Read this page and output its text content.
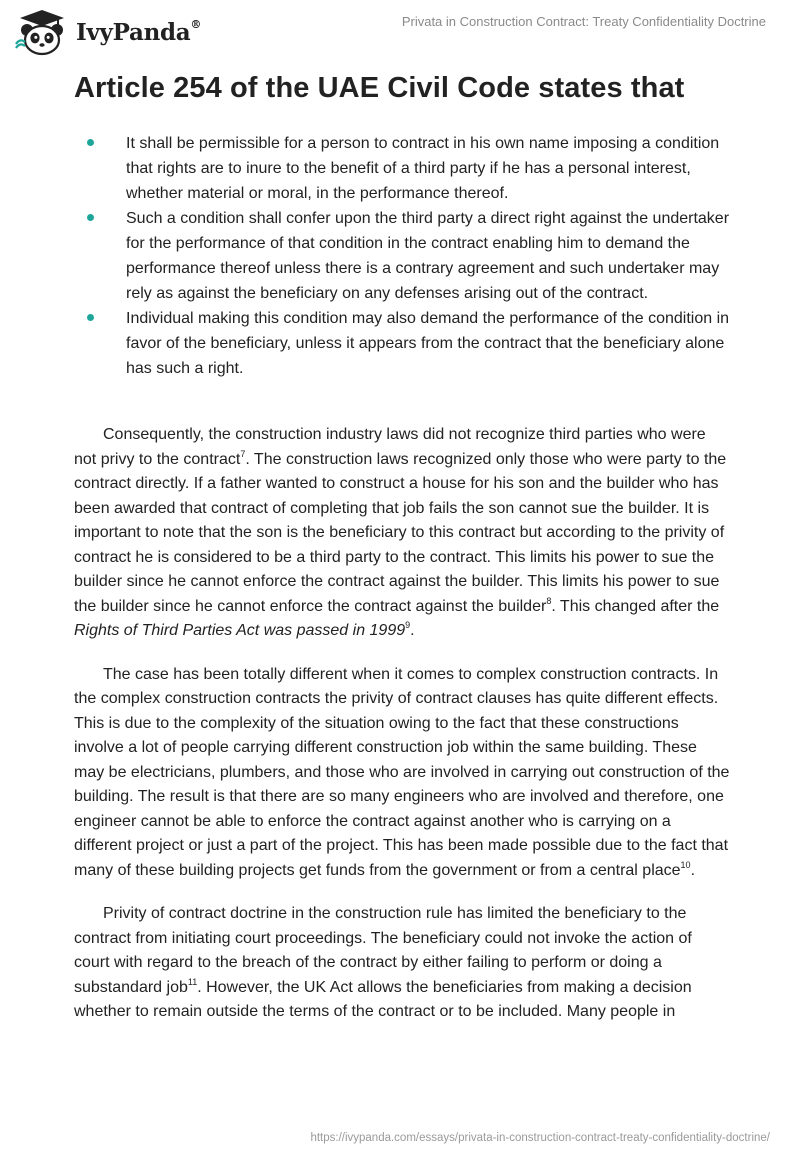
IvyPanda®	Privata in Construction Contract: Treaty Confidentiality Doctrine
Article 254 of the UAE Civil Code states that
It shall be permissible for a person to contract in his own name imposing a condition that rights are to inure to the benefit of a third party if he has a personal interest, whether material or moral, in the performance thereof.
Such a condition shall confer upon the third party a direct right against the undertaker for the performance of that condition in the contract enabling him to demand the performance thereof unless there is a contrary agreement and such undertaker may rely as against the beneficiary on any defenses arising out of the contract.
Individual making this condition may also demand the performance of the condition in favor of the beneficiary, unless it appears from the contract that the beneficiary alone has such a right.

Consequently, the construction industry laws did not recognize third parties who were not privy to the contract$^7$. The construction laws recognized only those who were party to the contract directly. If a father wanted to construct a house for his son and the builder who has been awarded that contract of completing that job fails the son cannot sue the builder. It is important to note that the son is the beneficiary to this contract but according to the privity of contract he is considered to be a third party to the contract. This limits his power to sue the builder since he cannot enforce the contract against the builder. This limits his power to sue the builder since he cannot enforce the contract against the builder$^8$. This changed after the Rights of Third Parties Act was passed in 1999$^9$.

The case has been totally different when it comes to complex construction contracts. In the complex construction contracts the privity of contract clauses has quite different effects. This is due to the complexity of the situation owing to the fact that these constructions involve a lot of people carrying different construction job within the same building. These may be electricians, plumbers, and those who are involved in carrying out construction of the building. The result is that there are so many engineers who are involved and therefore, one engineer cannot be able to enforce the contract against another who is carrying on a different project or just a part of the project. This has been made possible due to the fact that many of these building projects get funds from the government or from a central place$^{10}$.

Privity of contract doctrine in the construction rule has limited the beneficiary to the contract from initiating court proceedings. The beneficiary could not invoke the action of court with regard to the breach of the contract by either failing to perform or doing a substandard job$^{11}$. However, the UK Act allows the beneficiaries from making a decision whether to remain outside the terms of the contract or to be included. Many people in

https://ivypanda.com/essays/privata-in-construction-contract-treaty-confidentiality-doctrine/
